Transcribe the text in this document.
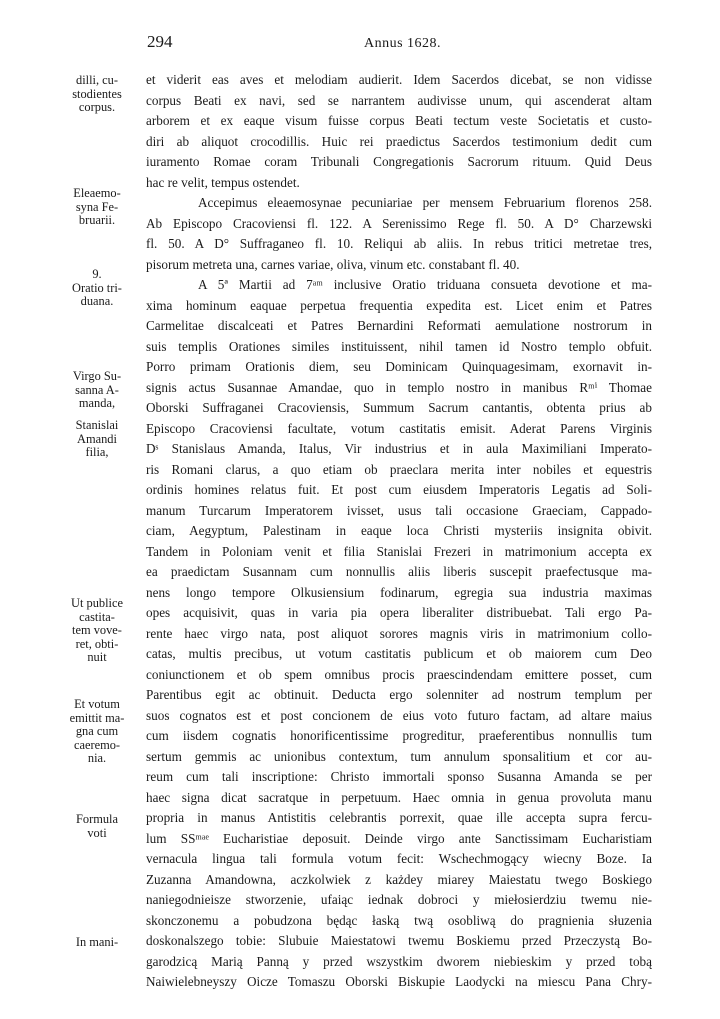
294	Annus 1628.
dilli, cu-
stodientes
corpus.
Eleaemo-
syna Fe-
bruarii.
9.
Oratio tri-
duana.
Virgo Su-
sanna A-
manda,
Stanislai
Amandi
filia,
Ut publice
castita-
tem vove-
ret, obti-
nuit
Et votum
emittit ma-
gna cum
caeremo-
nia.
Formula
voti
In mani-
et viderit eas aves et melodiam audierit. Idem Sacerdos dicebat, se non vidisse
corpus Beati ex navi, sed se narrantem audivisse unum, qui ascenderat altam
arborem et ex eaque visum fuisse corpus Beati tectum veste Societatis et custo-
diri ab aliquot crocodillis. Huic rei praedictus Sacerdos testimonium dedit cum
iuramento Romae coram Tribunali Congregationis Sacrorum rituum. Quid Deus
hac re velit, tempus ostendet.
Accepimus eleaemosynae pecuniariae per mensem Februarium florenos 258.
Ab Episcopo Cracoviensi fl. 122. A Serenissimo Rege fl. 50. A D° Charzewski
fl. 50. A D° Suffraganeo fl. 10. Reliqui ab aliis. In rebus tritici metretae tres,
pisorum metreta una, carnes variae, oliva, vinum etc. constabant fl. 40.
A 5ª Martii ad 7ᵃᵐ inclusive Oratio triduana consueta devotione et ma-
xima hominum eaquae perpetua frequentia expedita est. Licet enim et Patres
Carmelitae discalceati et Patres Bernardini Reformati aemulatione nostrorum in
suis templis Orationes similes instituissent, nihil tamen id Nostro templo obfuit.
Porro primam Orationis diem, seu Dominicam Quinquagesimam, exornavit in-
signis actus Susannae Amandae, quo in templo nostro in manibus Rᵐⁱ Thomae
Oborski Suffraganei Cracoviensis, Summum Sacrum cantantis, obtenta prius ab
Episcopo Cracoviensi facultate, votum castitatis emisit. Aderat Parens Virginis
Dˢ Stanislaus Amanda, Italus, Vir industrius et in aula Maximiliani Imperato-
ris Romani clarus, a quo etiam ob praeclara merita inter nobiles et equestris
ordinis homines relatus fuit. Et post cum eiusdem Imperatoris Legatis ad Soli-
manum Turcarum Imperatorem ivisset, usus tali occasione Graeciam, Cappado-
ciam, Aegyptum, Palestinam in eaque loca Christi mysteriis insignita obivit.
Tandem in Poloniam venit et filia Stanislai Frezeri in matrimonium accepta ex
ea praedictam Susannam cum nonnullis aliis liberis suscepit praefectusque ma-
nens longo tempore Olkusiensium fodinarum, egregia sua industria maximas
opes acquisivit, quas in varia pia opera liberaliter distribuebat. Tali ergo Pa-
rente haec virgo nata, post aliquot sorores magnis viris in matrimonium collo-
catas, multis precibus, ut votum castitatis publicum et ob maiorem cum Deo
coniunctionem et ob spem omnibus procis praescindendam emittere posset, cum
Parentibus egit ac obtinuit. Deducta ergo solenniter ad nostrum templum per
suos cognatos est et post concionem de eius voto futuro factam, ad altare maius
cum iisdem cognatis honorificentissime progreditur, praeferentibus nonnullis tum
sertum gemmis ac unionibus contextum, tum annulum sponsalitium et cor au-
reum cum tali inscriptione: Christo immortali sponso Susanna Amanda se per
haec signa dicat sacratque in perpetuum. Haec omnia in genua provoluta manu
propria in manus Antistitis celebrantis porrexit, quae ille accepta supra fercu-
lum SSᵐᵃᵉ Eucharistiae deposuit. Deinde virgo ante Sanctissimam Eucharistiam
vernacula lingua tali formula votum fecit: Wschechmogący wiecny Boze. Ia
Zuzanna Amandowna, aczkolwiek z każdey miarey Maiestatu twego Boskiego
naniegodnieisze stworzenie, ufaiąc iednak dobroci y miełosierdziu twemu nie-
skonczonemu a pobudzona będąc łaską twą osobliwą do pragnienia słuzenia
doskonalszego tobie: Slubuie Maiestatowi twemu Boskiemu przed Przeczystą Bo-
garodzicą Marią Panną y przed wszystkim dworem niebieskim y przed tobą
Naiwielebneyszy Oicze Tomaszu Oborski Biskupie Laodycki na miescu Pana Chry-
